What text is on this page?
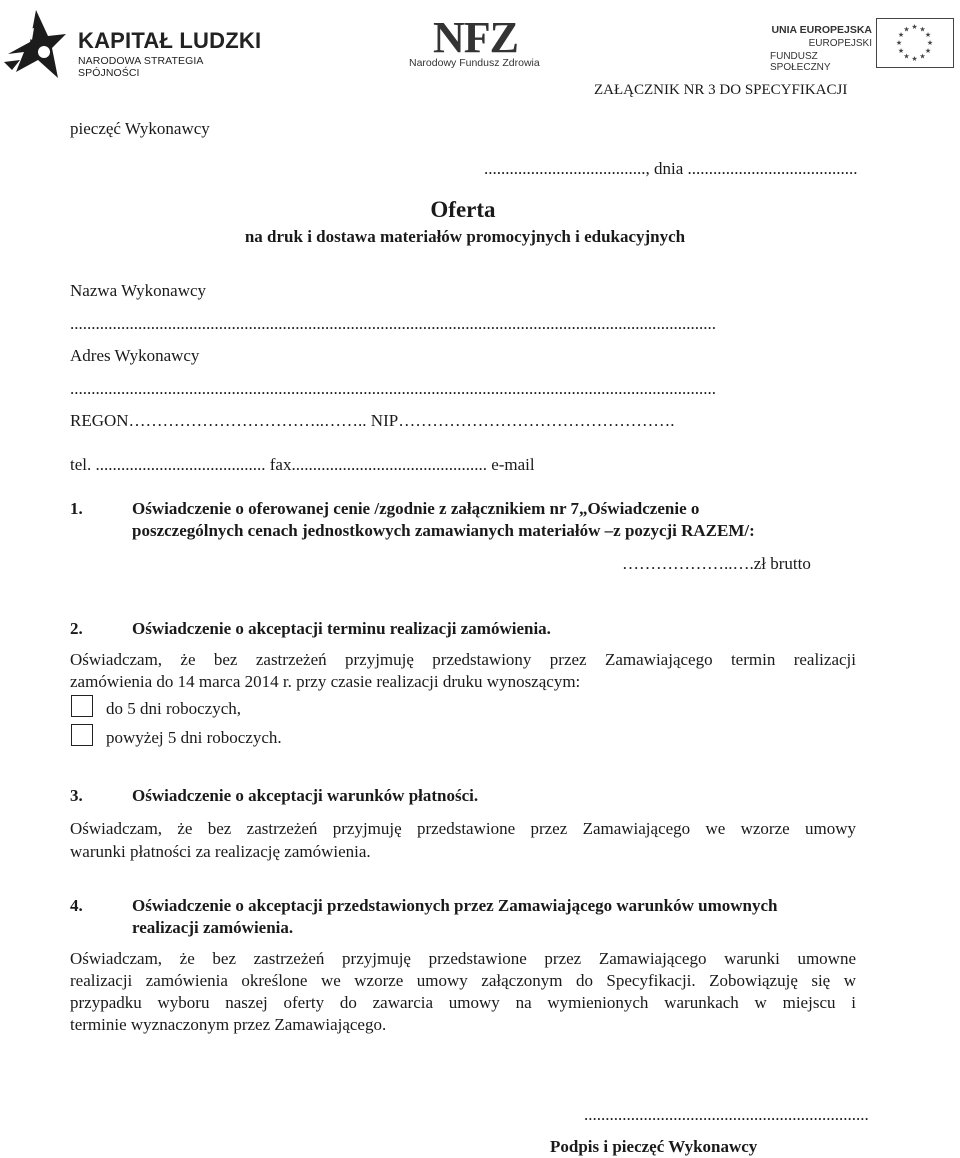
KAPITAŁ LUDZKI
NARODOWA STRATEGIA SPÓJNOŚCI
NFZ
Narodowy Fundusz Zdrowia
UNIA EUROPEJSKA
EUROPEJSKI
FUNDUSZ SPOŁECZNY
★ ★
★
★
★
★
★
★
★
★
★
★
ZAŁĄCZNIK NR 3 DO SPECYFIKACJI
pieczęć Wykonawcy
......................................, dnia ........................................
Oferta
na druk i dostawa materiałów promocyjnych i edukacyjnych
Nazwa Wykonawcy
........................................................................................................................................................
Adres Wykonawcy
........................................................................................................................................................
REGON……………………………..…….. NIP………………………………………….
tel. ........................................ fax.............................................. e-mail
1.	Oświadczenie o oferowanej cenie /zgodnie z załącznikiem nr 7„Oświadczenie o
poszczególnych cenach jednostkowych zamawianych materiałów –z pozycji RAZEM/:
………………..….zł brutto
2.	Oświadczenie o akceptacji terminu realizacji zamówienia.
Oświadczam, że bez zastrzeżeń przyjmuję przedstawiony przez Zamawiającego termin realizacji
zamówienia do 14 marca 2014 r. przy czasie realizacji druku wynoszącym:
do 5 dni roboczych,
powyżej 5 dni roboczych.
3.	Oświadczenie o akceptacji warunków płatności.
Oświadczam, że bez zastrzeżeń przyjmuję przedstawione przez Zamawiającego we wzorze umowy
warunki płatności za realizację zamówienia.
4.	Oświadczenie o akceptacji przedstawionych przez Zamawiającego warunków umownych
realizacji zamówienia.
Oświadczam, że bez zastrzeżeń przyjmuję przedstawione przez Zamawiającego warunki umowne
realizacji zamówienia określone we wzorze umowy załączonym do Specyfikacji. Zobowiązuję się w
przypadku wyboru naszej oferty do zawarcia umowy na wymienionych warunkach w miejscu i
terminie wyznaczonym przez Zamawiającego.
...................................................................
Podpis i pieczęć Wykonawcy
